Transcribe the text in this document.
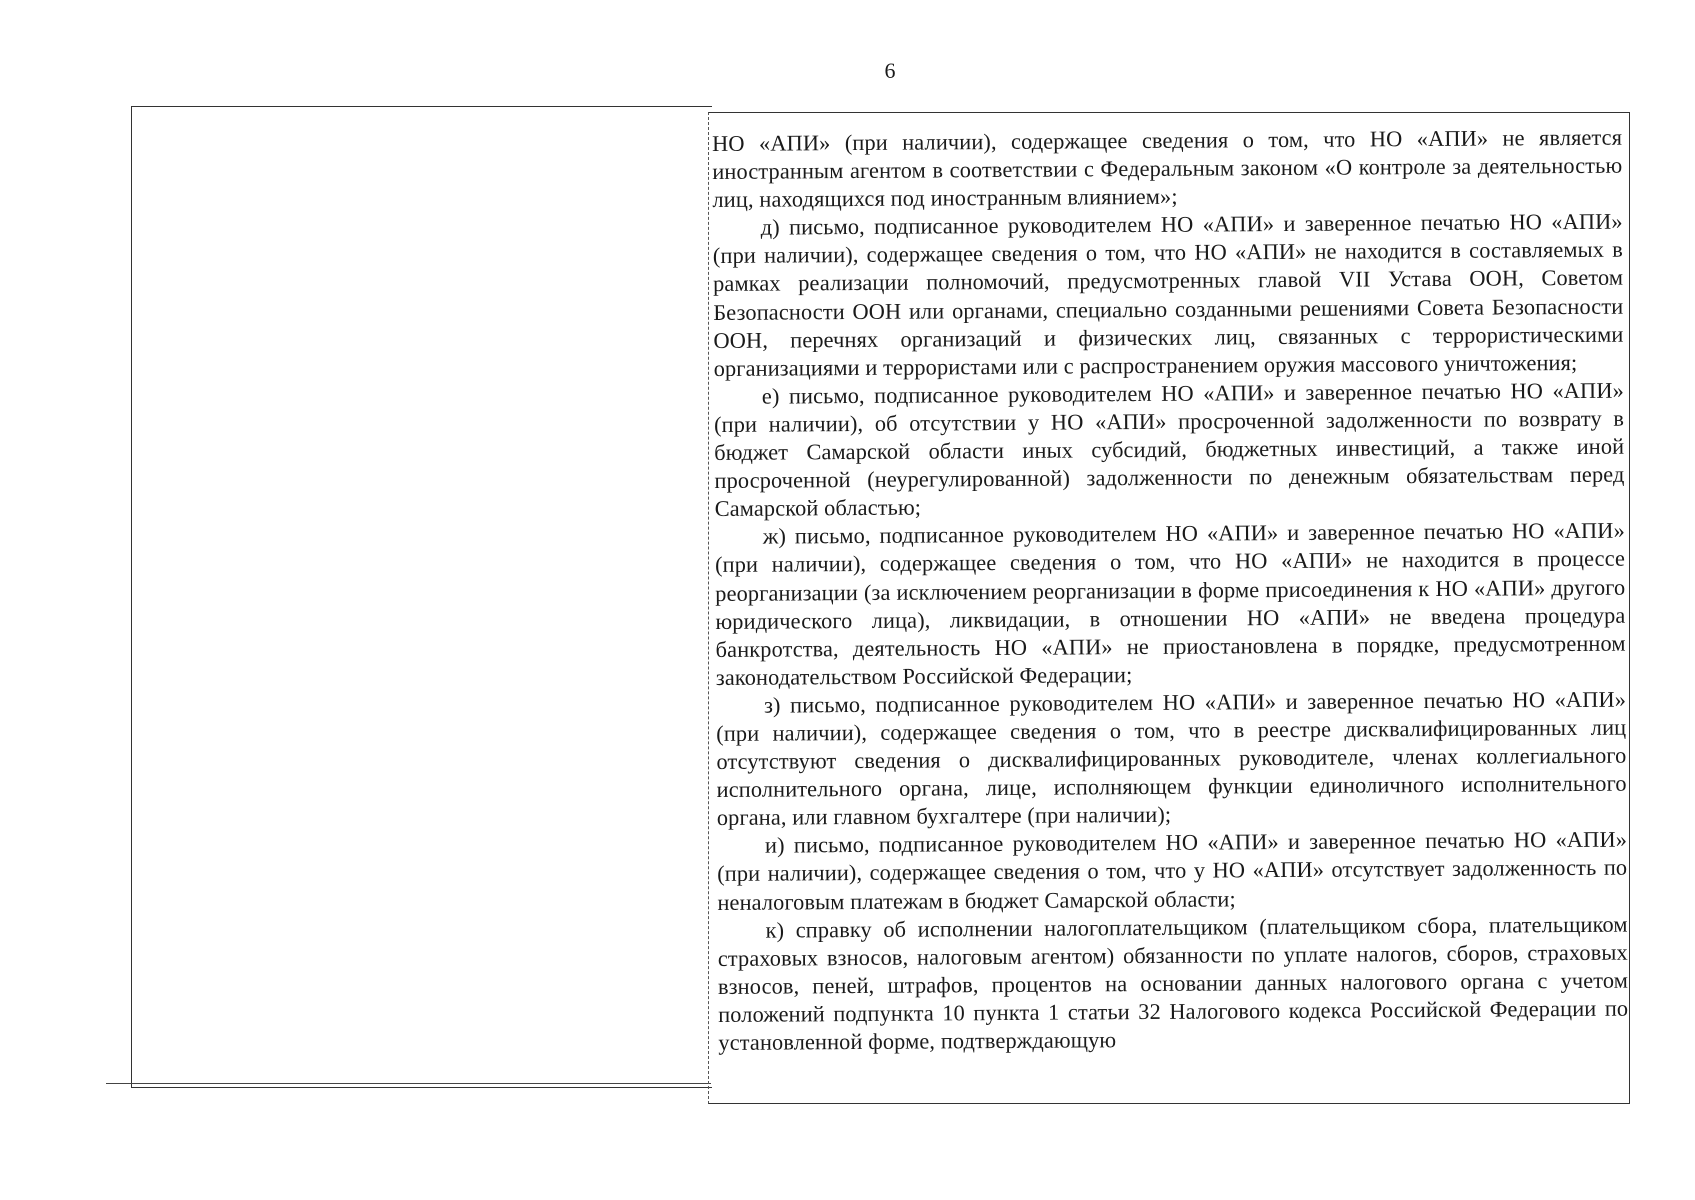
6

НО «АПИ» (при наличии), содержащее сведения о том, что НО «АПИ» не является иностранным агентом в соответствии с Федеральным законом «О контроле за деятельностью лиц, находящихся под иностранным влиянием»;

д) письмо, подписанное руководителем НО «АПИ» и заверенное печатью НО «АПИ» (при наличии), содержащее сведения о том, что НО «АПИ» не находится в составляемых в рамках реализации полномочий, предусмотренных главой VII Устава ООН, Советом Безопасности ООН или органами, специально созданными решениями Совета Безопасности ООН, перечнях организаций и физических лиц, связанных с террористическими организациями и террористами или с распространением оружия массового уничтожения;

е) письмо, подписанное руководителем НО «АПИ» и заверенное печатью НО «АПИ» (при наличии), об отсутствии у НО «АПИ» просроченной задолженности по возврату в бюджет Самарской области иных субсидий, бюджетных инвестиций, а также иной просроченной (неурегулированной) задолженности по денежным обязательствам перед Самарской областью;

ж) письмо, подписанное руководителем НО «АПИ» и заверенное печатью НО «АПИ» (при наличии), содержащее сведения о том, что НО «АПИ» не находится в процессе реорганизации (за исключением реорганизации в форме присоединения к НО «АПИ» другого юридического лица), ликвидации, в отношении НО «АПИ» не введена процедура банкротства, деятельность НО «АПИ» не приостановлена в порядке, предусмотренном законодательством Российской Федерации;

з) письмо, подписанное руководителем НО «АПИ» и заверенное печатью НО «АПИ» (при наличии), содержащее сведения о том, что в реестре дисквалифицированных лиц отсутствуют сведения о дисквалифицированных руководителе, членах коллегиального исполнительного органа, лице, исполняющем функции единоличного исполнительного органа, или главном бухгалтере (при наличии);

и) письмо, подписанное руководителем НО «АПИ» и заверенное печатью НО «АПИ» (при наличии), содержащее сведения о том, что у НО «АПИ» отсутствует задолженность по неналоговым платежам в бюджет Самарской области;

к) справку об исполнении налогоплательщиком (плательщиком сбора, плательщиком страховых взносов, налоговым агентом) обязанности по уплате налогов, сборов, страховых взносов, пеней, штрафов, процентов на основании данных налогового органа с учетом положений подпункта 10 пункта 1 статьи 32 Налогового кодекса Российской Федерации по установленной форме, подтверждающую
